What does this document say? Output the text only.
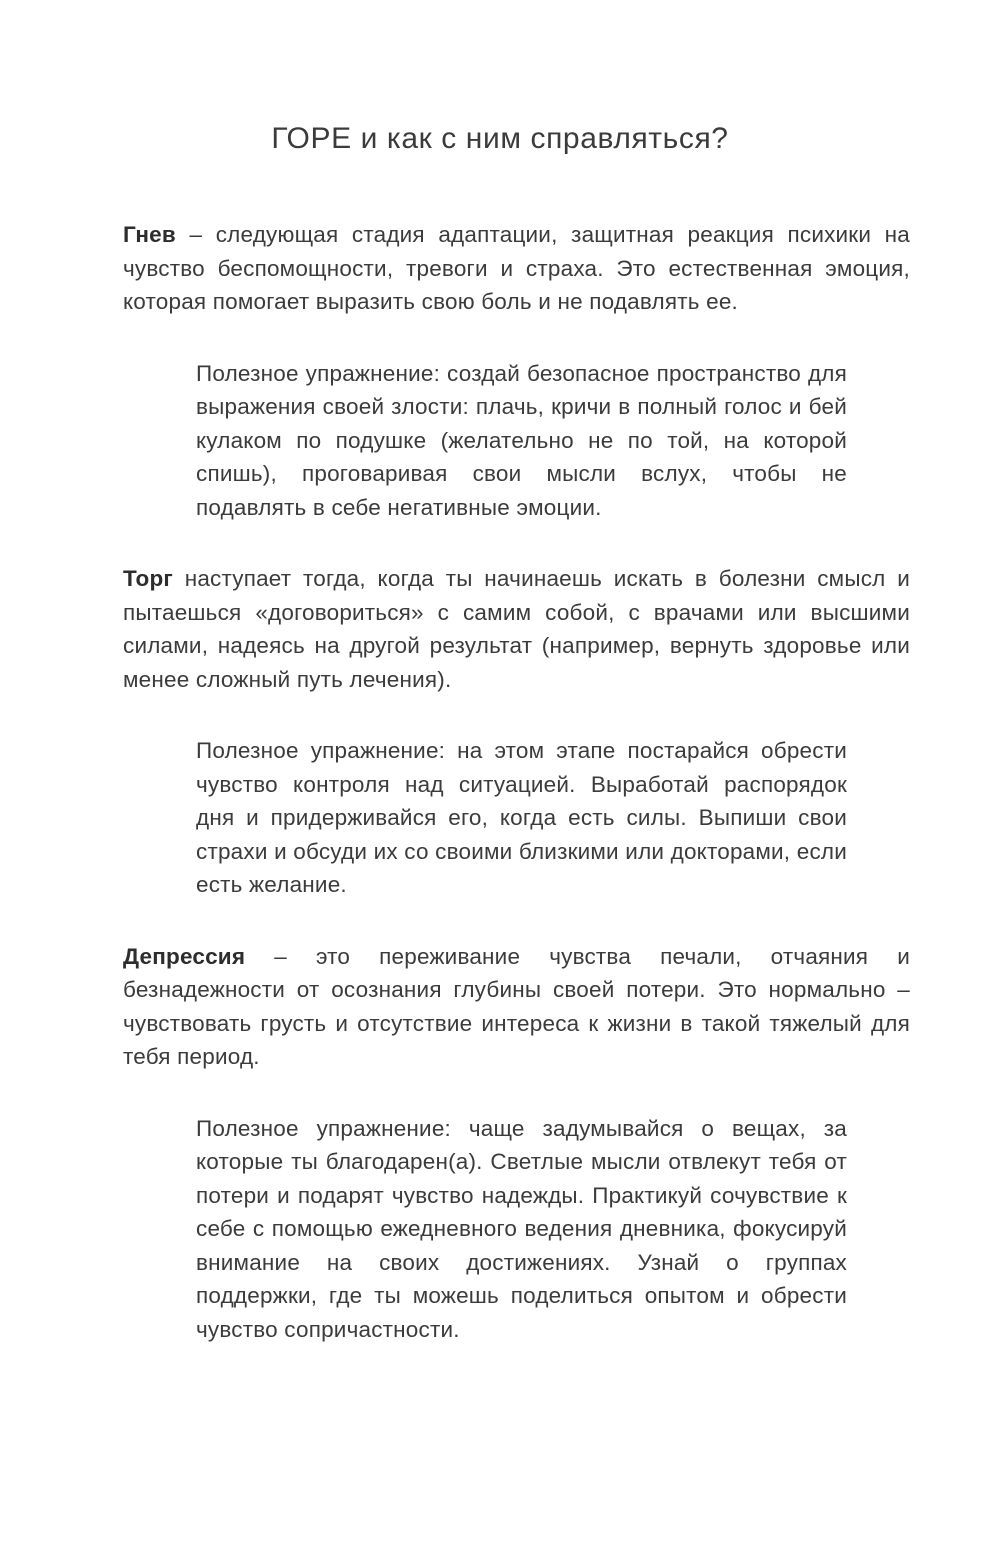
ГОРЕ и как с ним справляться?

Гнев – следующая стадия адаптации, защитная реакция психики на чувство беспомощности, тревоги и страха. Это естественная эмоция, которая помогает выразить свою боль и не подавлять ее.

Полезное упражнение: создай безопасное пространство для выражения своей злости: плачь, кричи в полный голос и бей кулаком по подушке (желательно не по той, на которой спишь), проговаривая свои мысли вслух, чтобы не подавлять в себе негативные эмоции.

Торг наступает тогда, когда ты начинаешь искать в болезни смысл и пытаешься «договориться» с самим собой, с врачами или высшими силами, надеясь на другой результат (например, вернуть здоровье или менее сложный путь лечения).

Полезное упражнение: на этом этапе постарайся обрести чувство контроля над ситуацией. Выработай распорядок дня и придерживайся его, когда есть силы. Выпиши свои страхи и обсуди их со своими близкими или докторами, если есть желание.

Депрессия – это переживание чувства печали, отчаяния и безнадежности от осознания глубины своей потери. Это нормально – чувствовать грусть и отсутствие интереса к жизни в такой тяжелый для тебя период.

Полезное упражнение: чаще задумывайся о вещах, за которые ты благодарен(а). Светлые мысли отвлекут тебя от потери и подарят чувство надежды. Практикуй сочувствие к себе с помощью ежедневного ведения дневника, фокусируй внимание на своих достижениях. Узнай о группах поддержки, где ты можешь поделиться опытом и обрести чувство сопричастности.
